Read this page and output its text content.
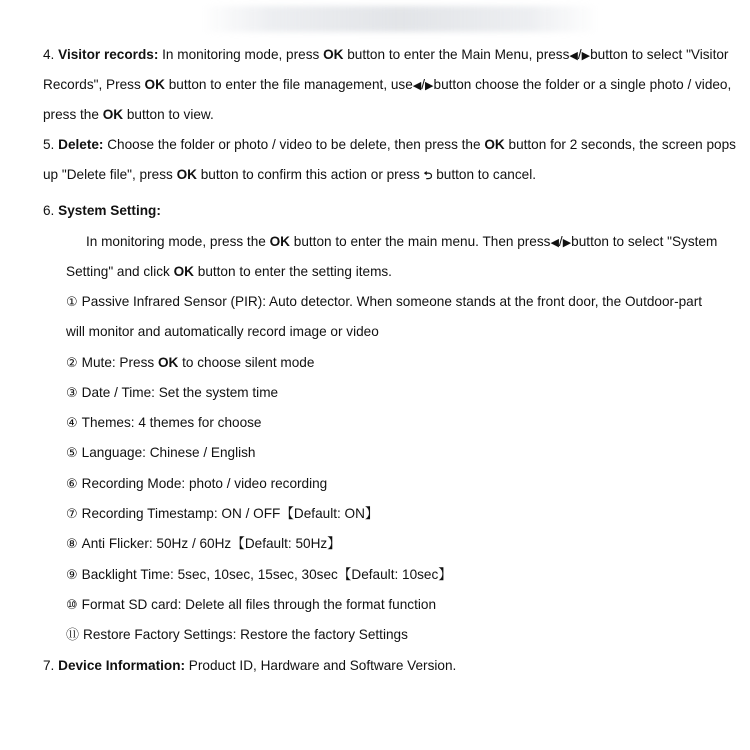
4. Visitor records: In monitoring mode, press OK button to enter the Main Menu, press◀/▶button to select "Visitor
Records", Press OK button to enter the file management, use◀/▶button choose the folder or a single photo / video,
press the OK button to view.
5. Delete: Choose the folder or photo / video to be delete, then press the OK button for 2 seconds, the screen pops
up "Delete file", press OK button to confirm this action or press ⮌ button to cancel.
6. System Setting:
In monitoring mode, press the OK button to enter the main menu. Then press◀/▶button to select "System
Setting" and click OK button to enter the setting items.
① Passive Infrared Sensor (PIR): Auto detector. When someone stands at the front door, the Outdoor-part
will monitor and automatically record image or video
② Mute: Press OK to choose silent mode
③ Date / Time: Set the system time
④ Themes: 4 themes for choose
⑤ Language: Chinese / English
⑥ Recording Mode: photo / video recording
⑦ Recording Timestamp: ON / OFF【Default: ON】
⑧ Anti Flicker: 50Hz / 60Hz【Default: 50Hz】
⑨ Backlight Time: 5sec, 10sec, 15sec, 30sec【Default: 10sec】
⑩ Format SD card: Delete all files through the format function
⑪ Restore Factory Settings: Restore the factory Settings
7. Device Information: Product ID, Hardware and Software Version.
